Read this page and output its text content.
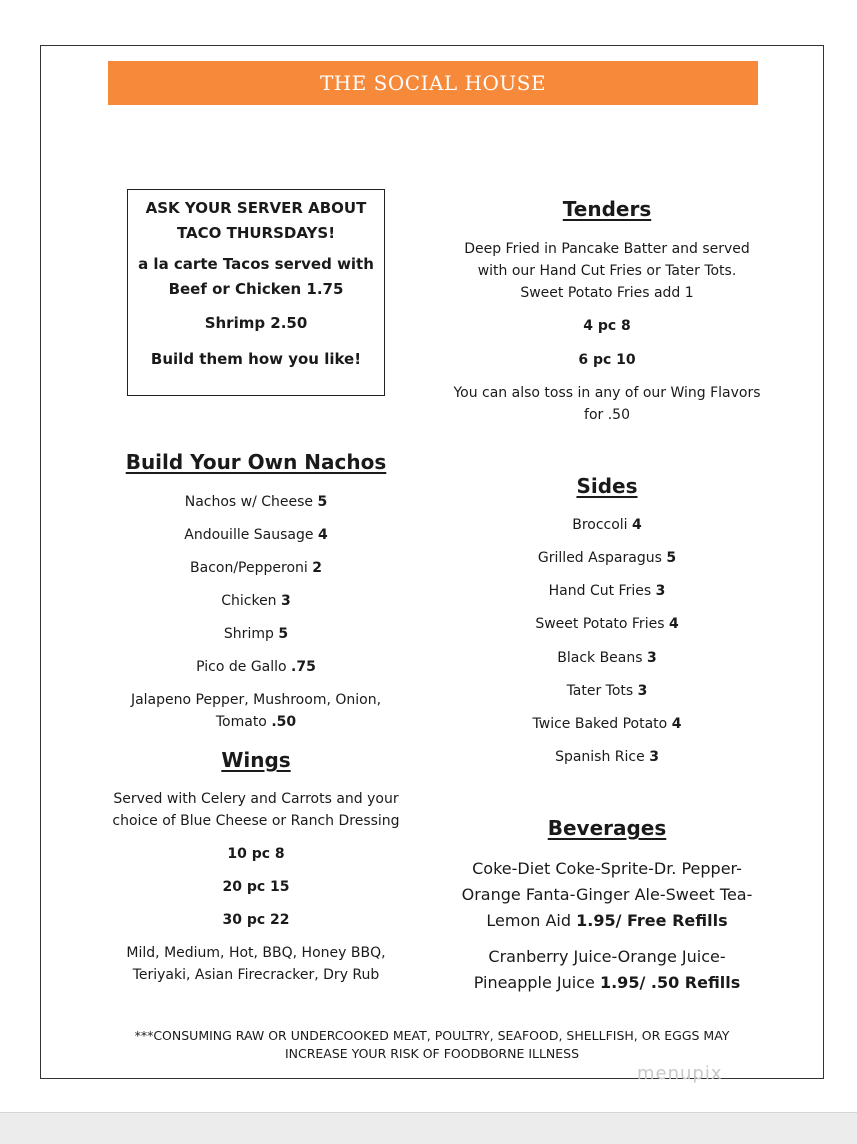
THE SOCIAL HOUSE

ASK YOUR SERVER ABOUT TACO THURSDAYS!

a la carte Tacos served with Beef or Chicken 1.75

Shrimp 2.50

Build them how you like!

Build Your Own Nachos
Nachos w/ Cheese 5
Andouille Sausage 4
Bacon/Pepperoni 2
Chicken 3
Shrimp 5
Pico de Gallo .75
Jalapeno Pepper, Mushroom, Onion,
Tomato .50
Wings
Served with Celery and Carrots and your
choice of Blue Cheese or Ranch Dressing
10 pc 8
20 pc 15
30 pc 22
Mild, Medium, Hot, BBQ, Honey BBQ,
Teriyaki, Asian Firecracker, Dry Rub
Tenders
Deep Fried in Pancake Batter and served
with our Hand Cut Fries or Tater Tots.
Sweet Potato Fries add 1
4 pc 8
6 pc 10
You can also toss in any of our Wing Flavors
for .50
Sides
Broccoli 4
Grilled Asparagus 5
Hand Cut Fries 3
Sweet Potato Fries 4
Black Beans 3
Tater Tots 3
Twice Baked Potato 4
Spanish Rice 3
Beverages
Coke-Diet Coke-Sprite-Dr. Pepper-
Orange Fanta-Ginger Ale-Sweet Tea-
Lemon Aid 1.95/ Free Refills
Cranberry Juice-Orange Juice-
Pineapple Juice 1.95/ .50 Refills
***CONSUMING RAW OR UNDERCOOKED MEAT, POULTRY, SEAFOOD, SHELLFISH, OR EGGS MAY
INCREASE YOUR RISK OF FOODBORNE ILLNESS
menupix
